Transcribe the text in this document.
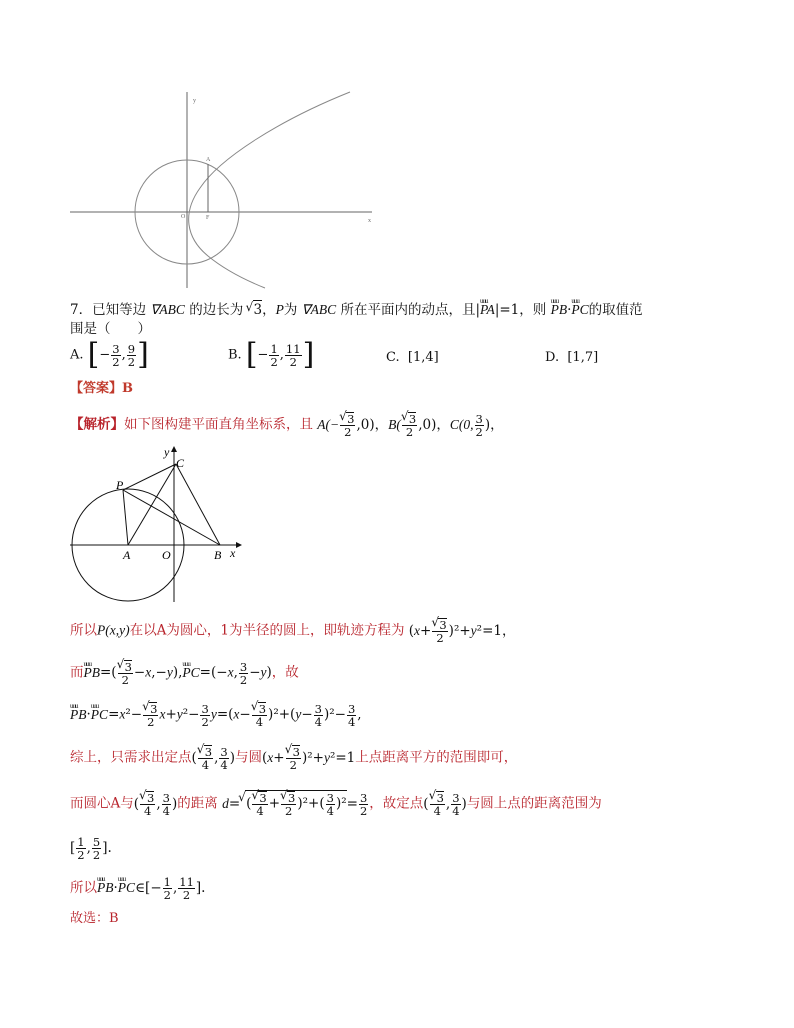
y
x
O
A
F
7．已知等边 ∇ABC 的边长为 √ 3，P为 ∇ABC 所在平面内的动点，且|uuu PA|=1，则 uuu PB·uuu PC的取值范
围是（　　）
A. [− $\frac{3}{2}$ , $\frac{9}{2}$ ]	B. [− $\frac{1}{2}$ , $\frac{11}{2}$ ]	C. [1,4]	D. [1,7]
【答案】B
【解析】如下图构建平面直角坐标系，且 A(− √ $\frac{3}{2} ,0$)，B( √ $\frac{3}{2} ,0$)，C(0, $\frac{3}{2}$ )，
y
C
P
A	O	B x
所以P(x,y)在以A为圆心，1为半径的圆上，即轨迹方程为 (x+ √ $\frac{3}{2} )^2+y^2=1$，
而uuu PB=( √ $\frac{3}{2} -x,-y),uuu$ PC=(−x, $\frac{3}{2} -y$)，故
uuu PB·uuu PC=x²− √ $\frac{3}{2} x+y^2- \frac{3}{2} y=(x-$ √ $\frac{3}{4} )^2+(y- \frac{3}{4} )^2- \frac{3}{4}$ ,
综上，只需求出定点( √ $\frac{3}{4}$ , $\frac{3}{4}$ )与圆(x+ √ $\frac{3}{2} )^2+y^2=1$上点距离平方的范围即可，
而圆心A与( √ $\frac{3}{4}$ , $\frac{3}{4}$ )的距离 d= √ ( √ $\frac{3}{4}$ + √ $\frac{3}{2} )^2+( \frac{3}{4} )^2= \frac{3}{2}$ ，故定点( √ $\frac{3}{4}$ , $\frac{3}{4}$ )与圆上点的距离范围为
[ $\frac{1}{2}$ , $\frac{5}{2}$ ].
所以uuu PB·uuu PC∈[− $\frac{1}{2}$ , $\frac{11}{2}$ ].
故选：B
